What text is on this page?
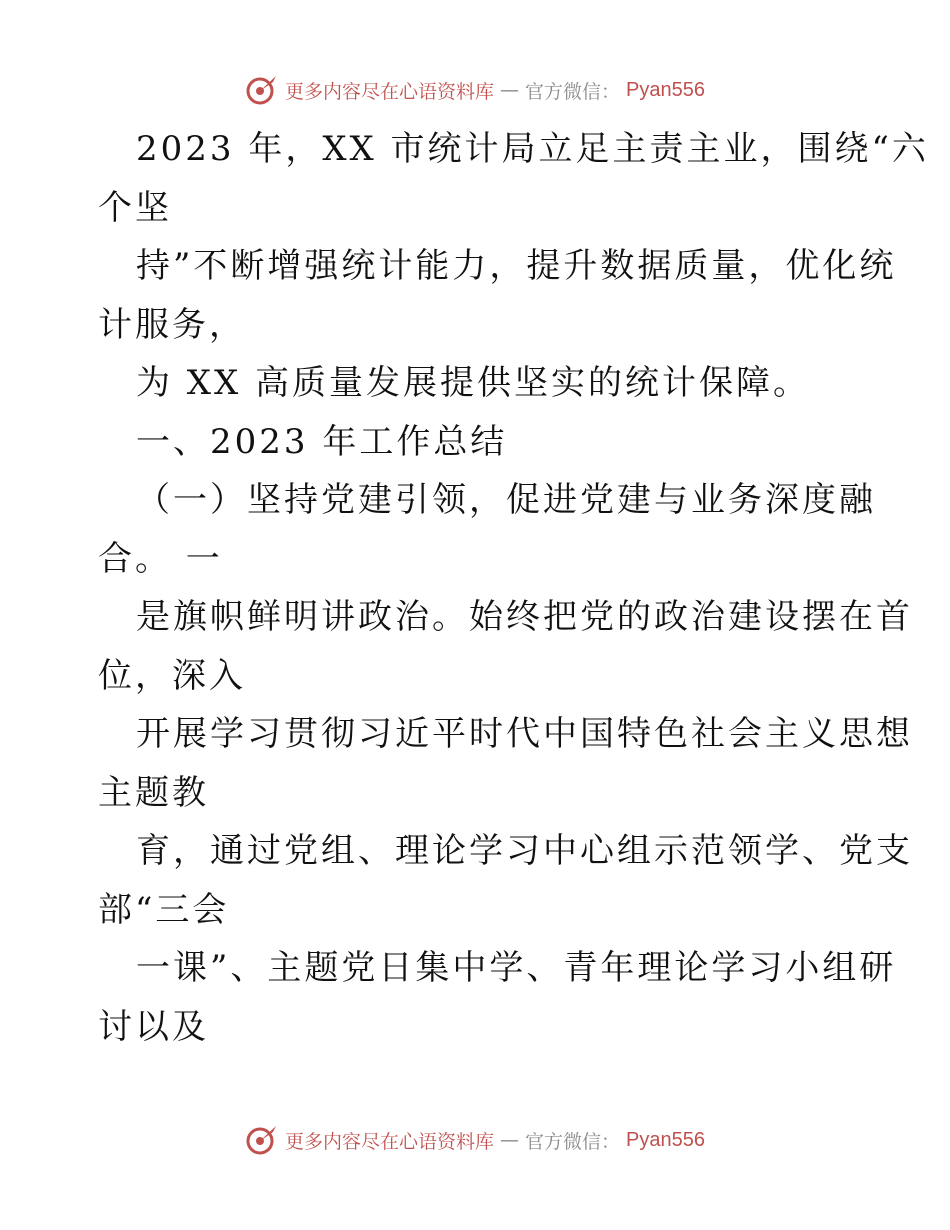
更多内容尽在心语资料库 — 官方微信： Pyan556
2023 年，XX 市统计局立足主责主业，围绕“六
个坚
持”不断增强统计能力，提升数据质量，优化统
计服务，
为 XX 高质量发展提供坚实的统计保障。
一、2023 年工作总结
（一）坚持党建引领，促进党建与业务深度融
合。 一
是旗帜鲜明讲政治。始终把党的政治建设摆在首
位，深入
开展学习贯彻习近平时代中国特色社会主义思想
主题教
育，通过党组、理论学习中心组示范领学、党支
部“三会
一课”、主题党日集中学、青年理论学习小组研
讨以及
更多内容尽在心语资料库 — 官方微信： Pyan556
